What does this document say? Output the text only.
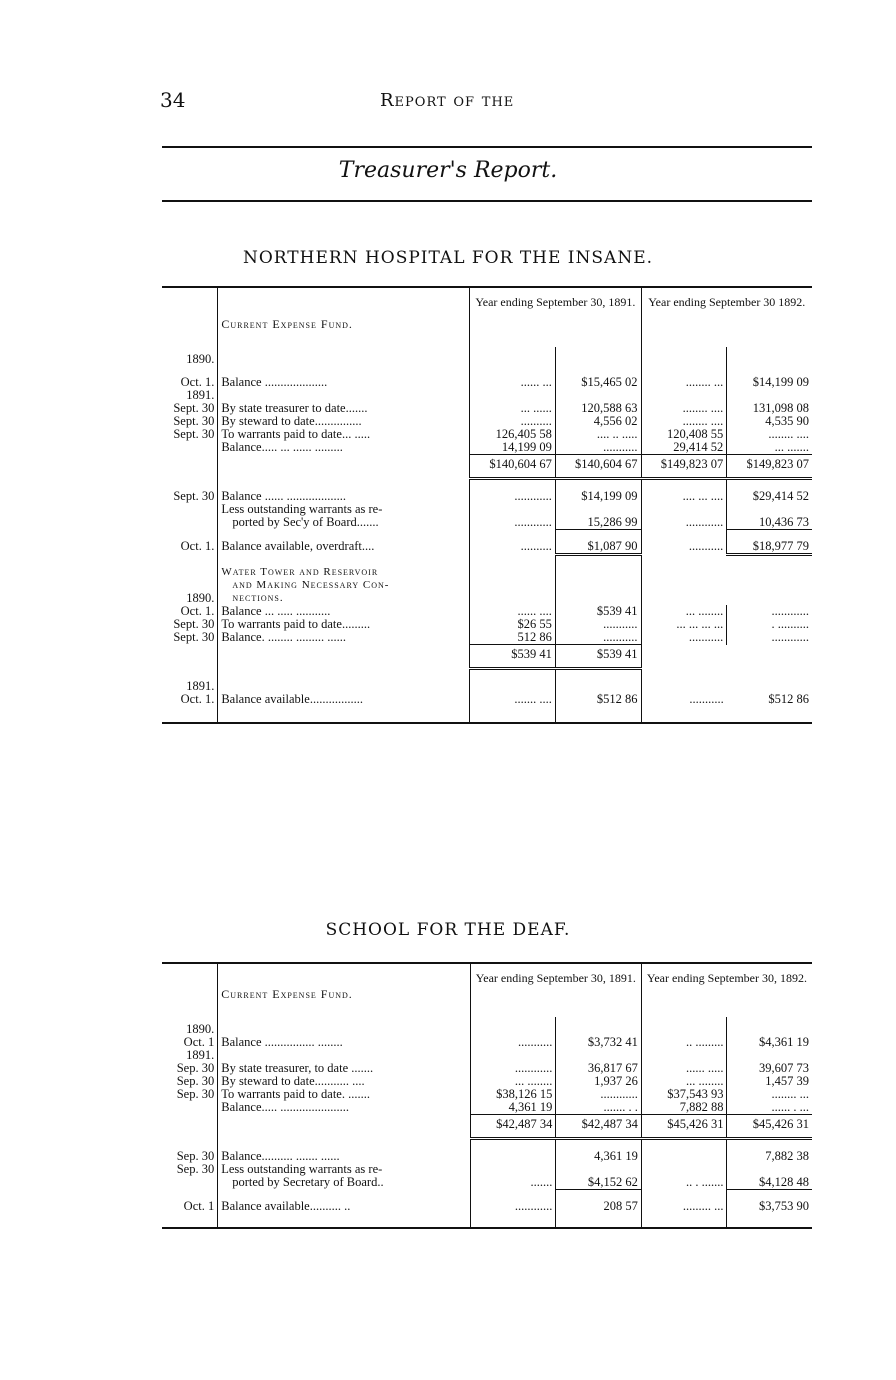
34	Report of the
Treasurer's Report.
NORTHERN HOSPITAL FOR THE INSANE.
	Current Expense Fund.	Year ending September 30, 1891.		Year ending September 30 1892.	
1890.					

Oct. 1.	Balance ....................	...... ...	$15,465 02	........ ...	$14,199 09
1891.					
Sept. 30	By state treasurer to date.......	... ......	120,588 63	........ ....	131,098 08
Sept. 30	By steward to date...............	..........	4,556 02	........ ....	4,535 90
Sept. 30	To warrants paid to date... .....	126,405 58	.... .. .....	120,408 55	........ ....
	Balance..... ... ...... .........	14,199 09	...........	29,414 52	... .......
		$140,604 67	$140,604 67	$149,823 07	$149,823 07

Sept. 30	Balance ...... ...................	............	$14,199 09	.... ... ....	$29,414 52
	Less outstanding warrants as re-				
	ported by Sec'y of Board.......	............	15,286 99	............	10,436 73

Oct. 1.	Balance available, overdraft....	..........	$1,087 90	...........	$18,977 79

	Water Tower and Reservoir				
	and Making Necessary Con-				
1890.	nections.				
Oct. 1.	Balance ... ..... ...........	...... ....	$539 41	... ........	............
Sept. 30	To warrants paid to date.........	$26 55	...........	... ... ... ...	. ..........
Sept. 30	Balance. ........ ......... ......	512 86	...........	...........	............
		$539 41	$539 41		

1891.					
Oct. 1.	Balance available.................	....... ....	$512 86	...........	$512 86
SCHOOL FOR THE DEAF.
	Current Expense Fund.	Year ending September 30, 1891.		Year ending September 30, 1892.	
1890.					
Oct. 1	Balance ................ ........	...........	$3,732 41	.. .........	$4,361 19
1891.					
Sep. 30	By state treasurer, to date .......	............	36,817 67	...... .....	39,607 73
Sep. 30	By steward to date........... ....	... ........	1,937 26	... ........	1,457 39
Sep. 30	To warrants paid to date. .......	$38,126 15	............	$37,543 93	........ ...
	Balance..... ......................	4,361 19	....... . .	7,882 88	...... . ...
		$42,487 34	$42,487 34	$45,426 31	$45,426 31

Sep. 30	Balance.......... ....... ......		4,361 19		7,882 38
Sep. 30	Less outstanding warrants as re-				
	ported by Secretary of Board..	.......	$4,152 62	.. . .......	$4,128 48

Oct. 1	Balance available.......... ..	............	208 57	......... ...	$3,753 90
